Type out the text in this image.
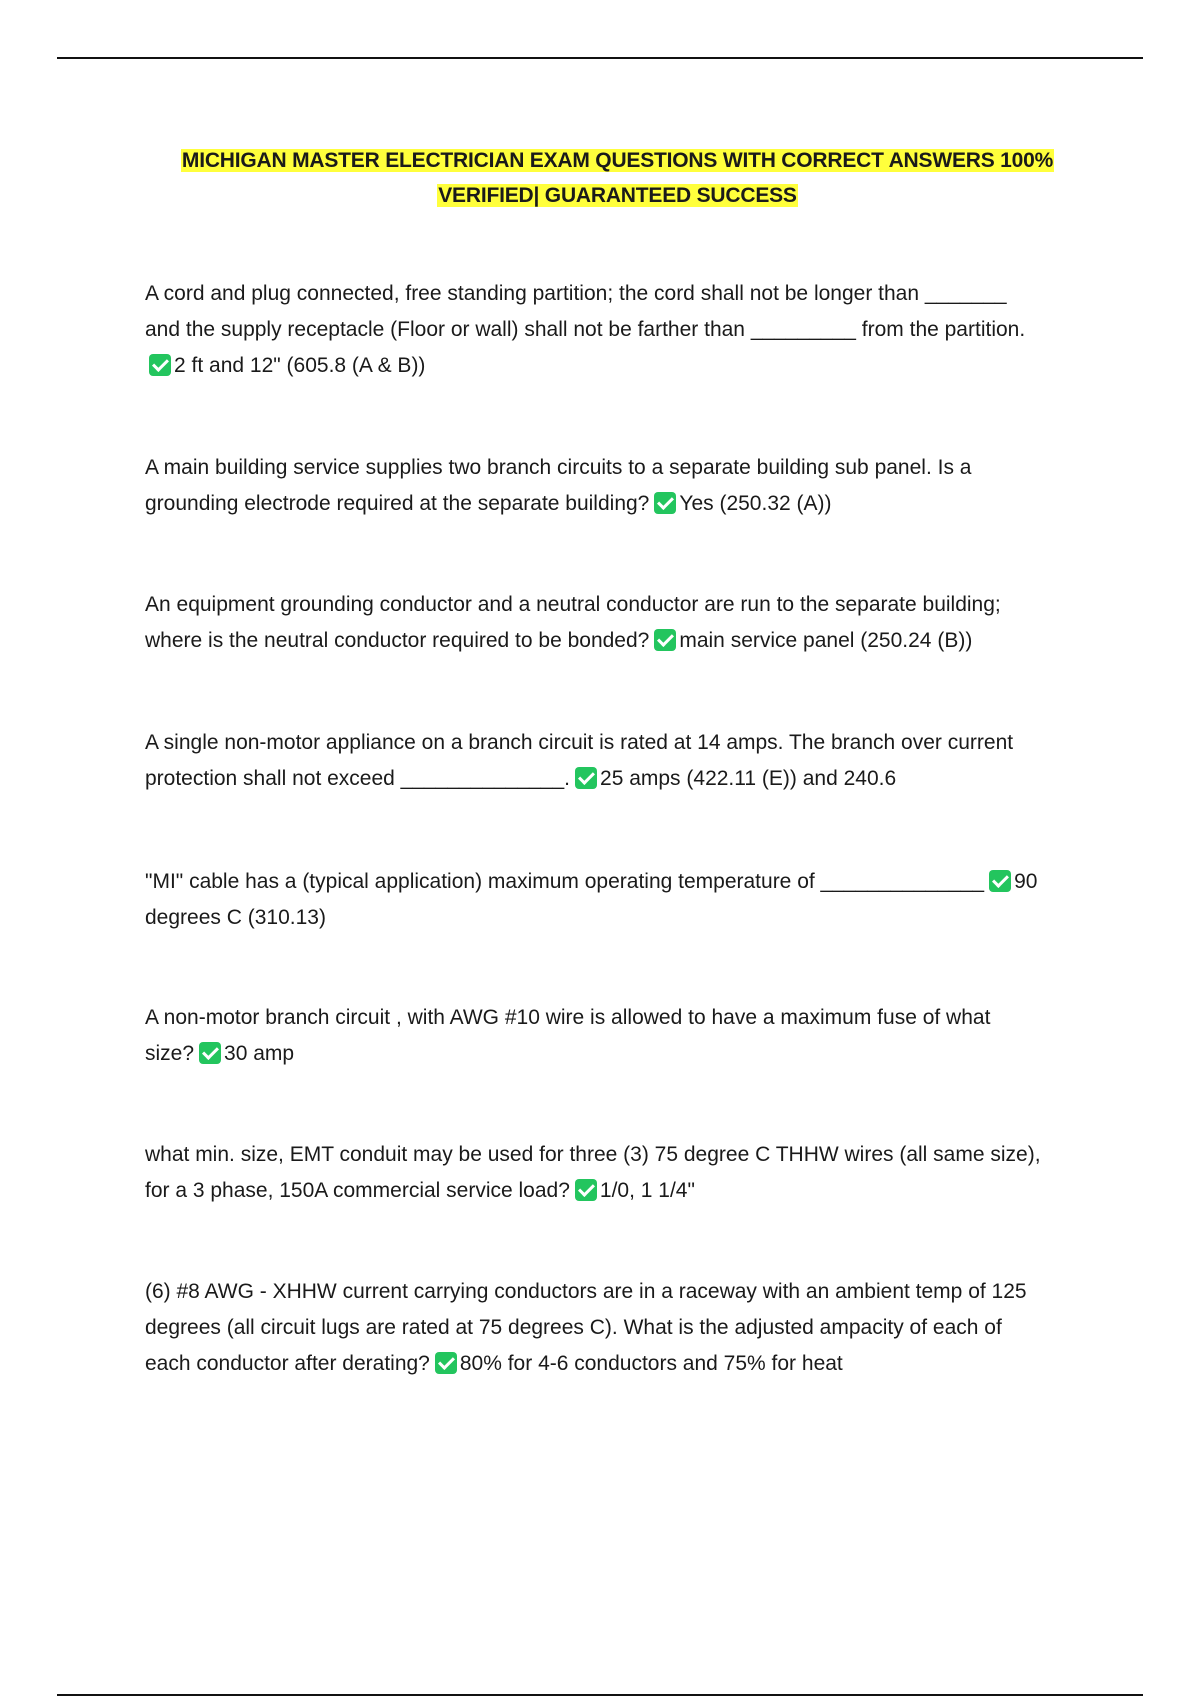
MICHIGAN MASTER ELECTRICIAN EXAM QUESTIONS WITH CORRECT ANSWERS 100%
VERIFIED| GUARANTEED SUCCESS
A cord and plug connected, free standing partition; the cord shall not be longer than _______
and the supply receptacle (Floor or wall) shall not be farther than _________ from the partition.
2 ft and 12" (605.8 (A & B))
A main building service supplies two branch circuits to a separate building sub panel. Is a
grounding electrode required at the separate building? Yes (250.32 (A))
An equipment grounding conductor and a neutral conductor are run to the separate building;
where is the neutral conductor required to be bonded? main service panel (250.24 (B))
A single non-motor appliance on a branch circuit is rated at 14 amps. The branch over current
protection shall not exceed ______________. 25 amps (422.11 (E)) and 240.6
"MI" cable has a (typical application) maximum operating temperature of ______________ 90
degrees C (310.13)
A non-motor branch circuit , with AWG #10 wire is allowed to have a maximum fuse of what
size? 30 amp
what min. size, EMT conduit may be used for three (3) 75 degree C THHW wires (all same size),
for a 3 phase, 150A commercial service load? 1/0, 1 1/4"
(6) #8 AWG - XHHW current carrying conductors are in a raceway with an ambient temp of 125
degrees (all circuit lugs are rated at 75 degrees C). What is the adjusted ampacity of each of
each conductor after derating? 80% for 4-6 conductors and 75% for heat
